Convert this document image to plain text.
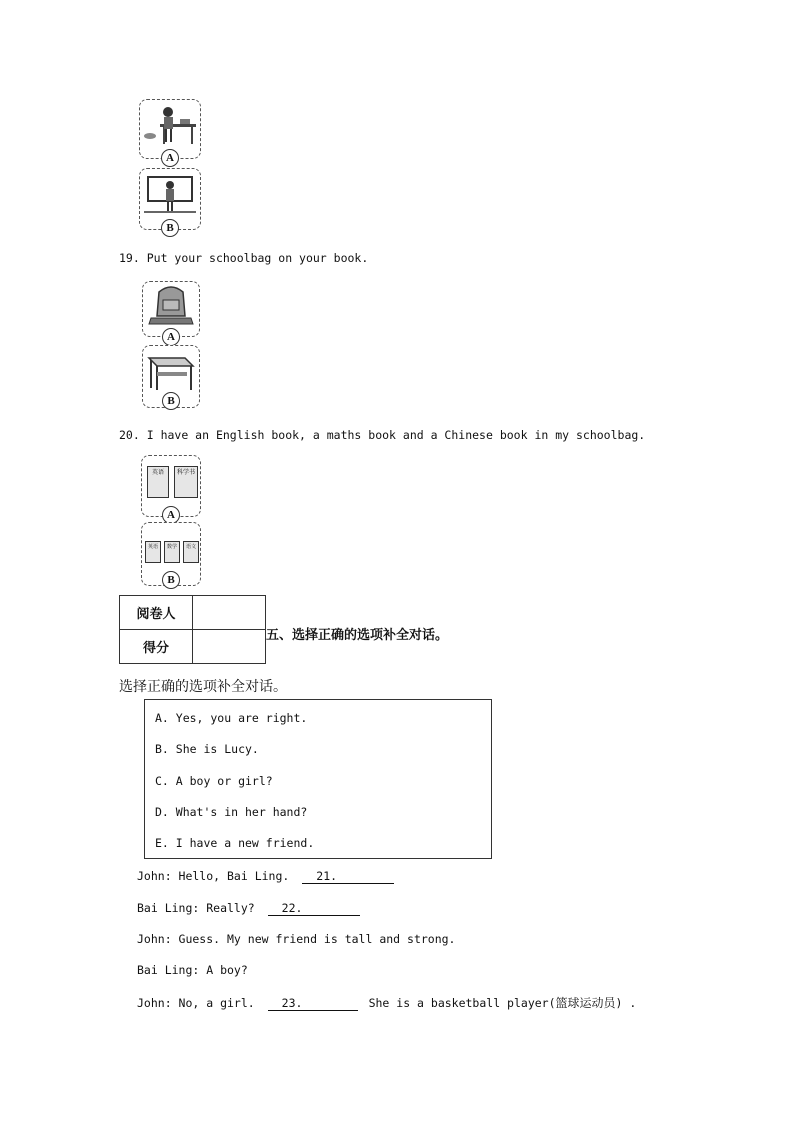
A
B
19. Put your schoolbag on your book.
A
B
20. I have an English book, a maths book and a Chinese book in my schoolbag.
英语	科学书
A
英语	数学	语文
B
阅卷人	
得分	
五、选择正确的选项补全对话。
选择正确的选项补全对话。
A. Yes, you are right.
B. She is Lucy.
C. A boy or girl?
D. What's in her hand?
E. I have a new friend.
John: Hello, Bai Ling. 21.
Bai Ling: Really? 22.
John: Guess. My new friend is tall and strong.
Bai Ling: A boy?
John: No, a girl. 23.	She is a basketball player(篮球运动员) .
